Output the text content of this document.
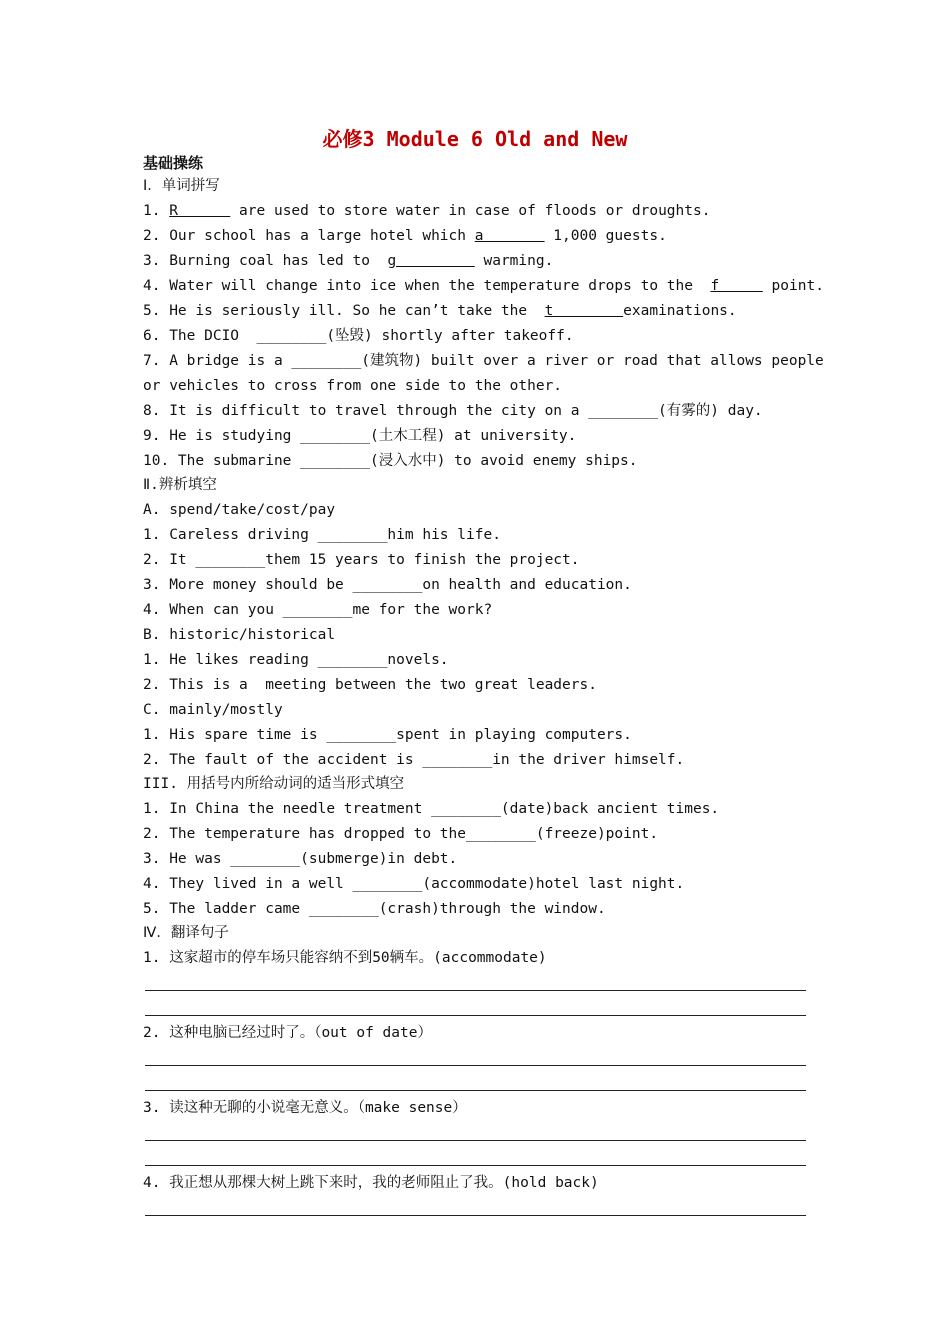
必修3 Module 6 Old and New
基础操练
Ⅰ．单词拼写
1. R       are used to store water in case of floods or droughts.
2. Our school has a large hotel which a        1,000 guests.
3. Burning coal has led to  g          warming.
4. Water will change into ice when the temperature drops to the  f      point.
5. He is seriously ill. So he can’t take the  t        examinations.
6. The DCIO  ________(坠毁) shortly after takeoff.
7. A bridge is a ________(建筑物) built over a river or road that allows people
or vehicles to cross from one side to the other.
8. It is difficult to travel through the city on a ________(有雾的) day.
9. He is studying ________(土木工程) at university.
10. The submarine ________(浸入水中) to avoid enemy ships.
Ⅱ.辨析填空
A. spend/take/cost/pay
1. Careless driving ________him his life.
2. It ________them 15 years to finish the project.
3. More money should be ________on health and education.
4. When can you ________me for the work?
B. historic/historical
1. He likes reading ________novels.
2. This is a  meeting between the two great leaders.
C. mainly/mostly
1. His spare time is ________spent in playing computers.
2. The fault of the accident is ________in the driver himself.
III. 用括号内所给动词的适当形式填空
1. In China the needle treatment ________(date)back ancient times.
2. The temperature has dropped to the________(freeze)point.
3. He was ________(submerge)in debt.
4. They lived in a well ________(accommodate)hotel last night.
5. The ladder came ________(crash)through the window.
Ⅳ．翻译句子
1. 这家超市的停车场只能容纳不到50辆车。(accommodate)
2. 这种电脑已经过时了。（out of date）
3. 读这种无聊的小说毫无意义。（make sense）
4. 我正想从那棵大树上跳下来时，我的老师阻止了我。(hold back)
